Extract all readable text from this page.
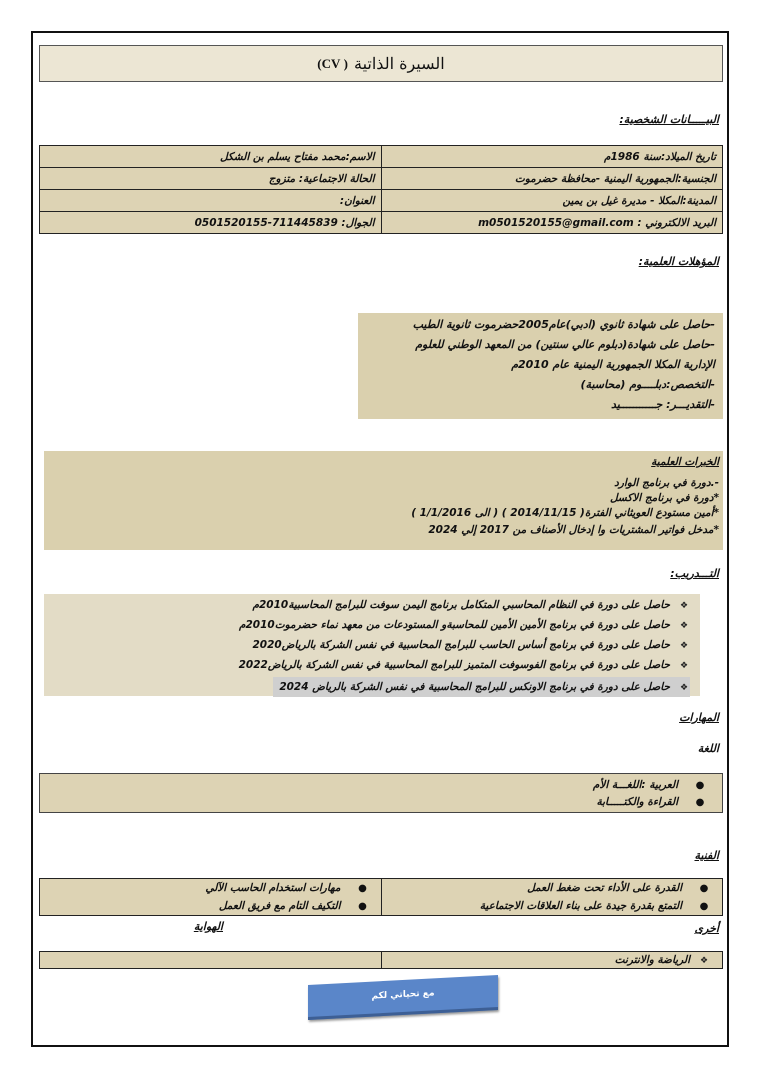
السيرة الذاتية
( CV)
البيـــــانات الشخصية:
الاسم:محمد مفتاح يسلم بن الشكل	تاريخ الميلاد:سنة 1986م
الحالة الاجتماعية: متزوج	الجنسية:الجمهورية اليمنية -محافظة حضرموت
العنوان:	المدينة:المكلا - مديرة غيل بن يمين
الجوال: 711445839-0501520155	البريد الالكتروني : m0501520155@gmail.com
المؤهلات العلمية:
-حاصل على شهادة ثانوي (ادبي)عام2005حضرموت ثانوية الطيب
-حاصل على شهادة(دبلوم عالي سنتين) من المعهد الوطني للعلوم
الإدارية المكلا الجمهورية اليمنية عام 2010م
-التخصص:دبلــــوم (محاسبة)
-التقديـــر: جـــــــــــيد
الخبرات العلمية
-.دورة في برنامج الوارد
*دورة في برنامج الاكسل
*أمين مستودع العويثاني الفترة( 2014/11/15 ) ( الى 1/1/2016 )
*مدخل فواتير المشتريات وا إدخال الأصناف من 2017 إلي 2024
التـــدريب:
❖حاصل على دورة في النظام المحاسبي المتكامل برنامج اليمن سوفت للبرامج المحاسبية2010م
❖حاصل على دورة في برنامج الأمين الأمين للمحاسبةو المستودعات من معهد نماء حضرموت2010م
❖حاصل على دورة في برنامج أساس الحاسب للبرامج المحاسبية في نفس الشركة بالرياض2020
❖حاصل على دورة في برنامج الفوسوفت المتميز للبرامج المحاسبية في نفس الشركة بالرياض2022
❖حاصل على دورة في برنامج الاونكس للبرامج المحاسبية في نفس الشركة بالرياض 2024
المهارات
اللغة
●العربية :اللغـــة الأم
●القراءة والكتـــــابة
الفنية
●مهارات استخدام الحاسب الآلي
●التكيف التام مع فريق العمل

●القدرة على الأداء تحت ضغط العمل
●التمتع بقدرة جيدة على بناء العلاقات الاجتماعية
أخرى
الهواية
	❖الرياضة والانترنت
مع تحياتي لكم
